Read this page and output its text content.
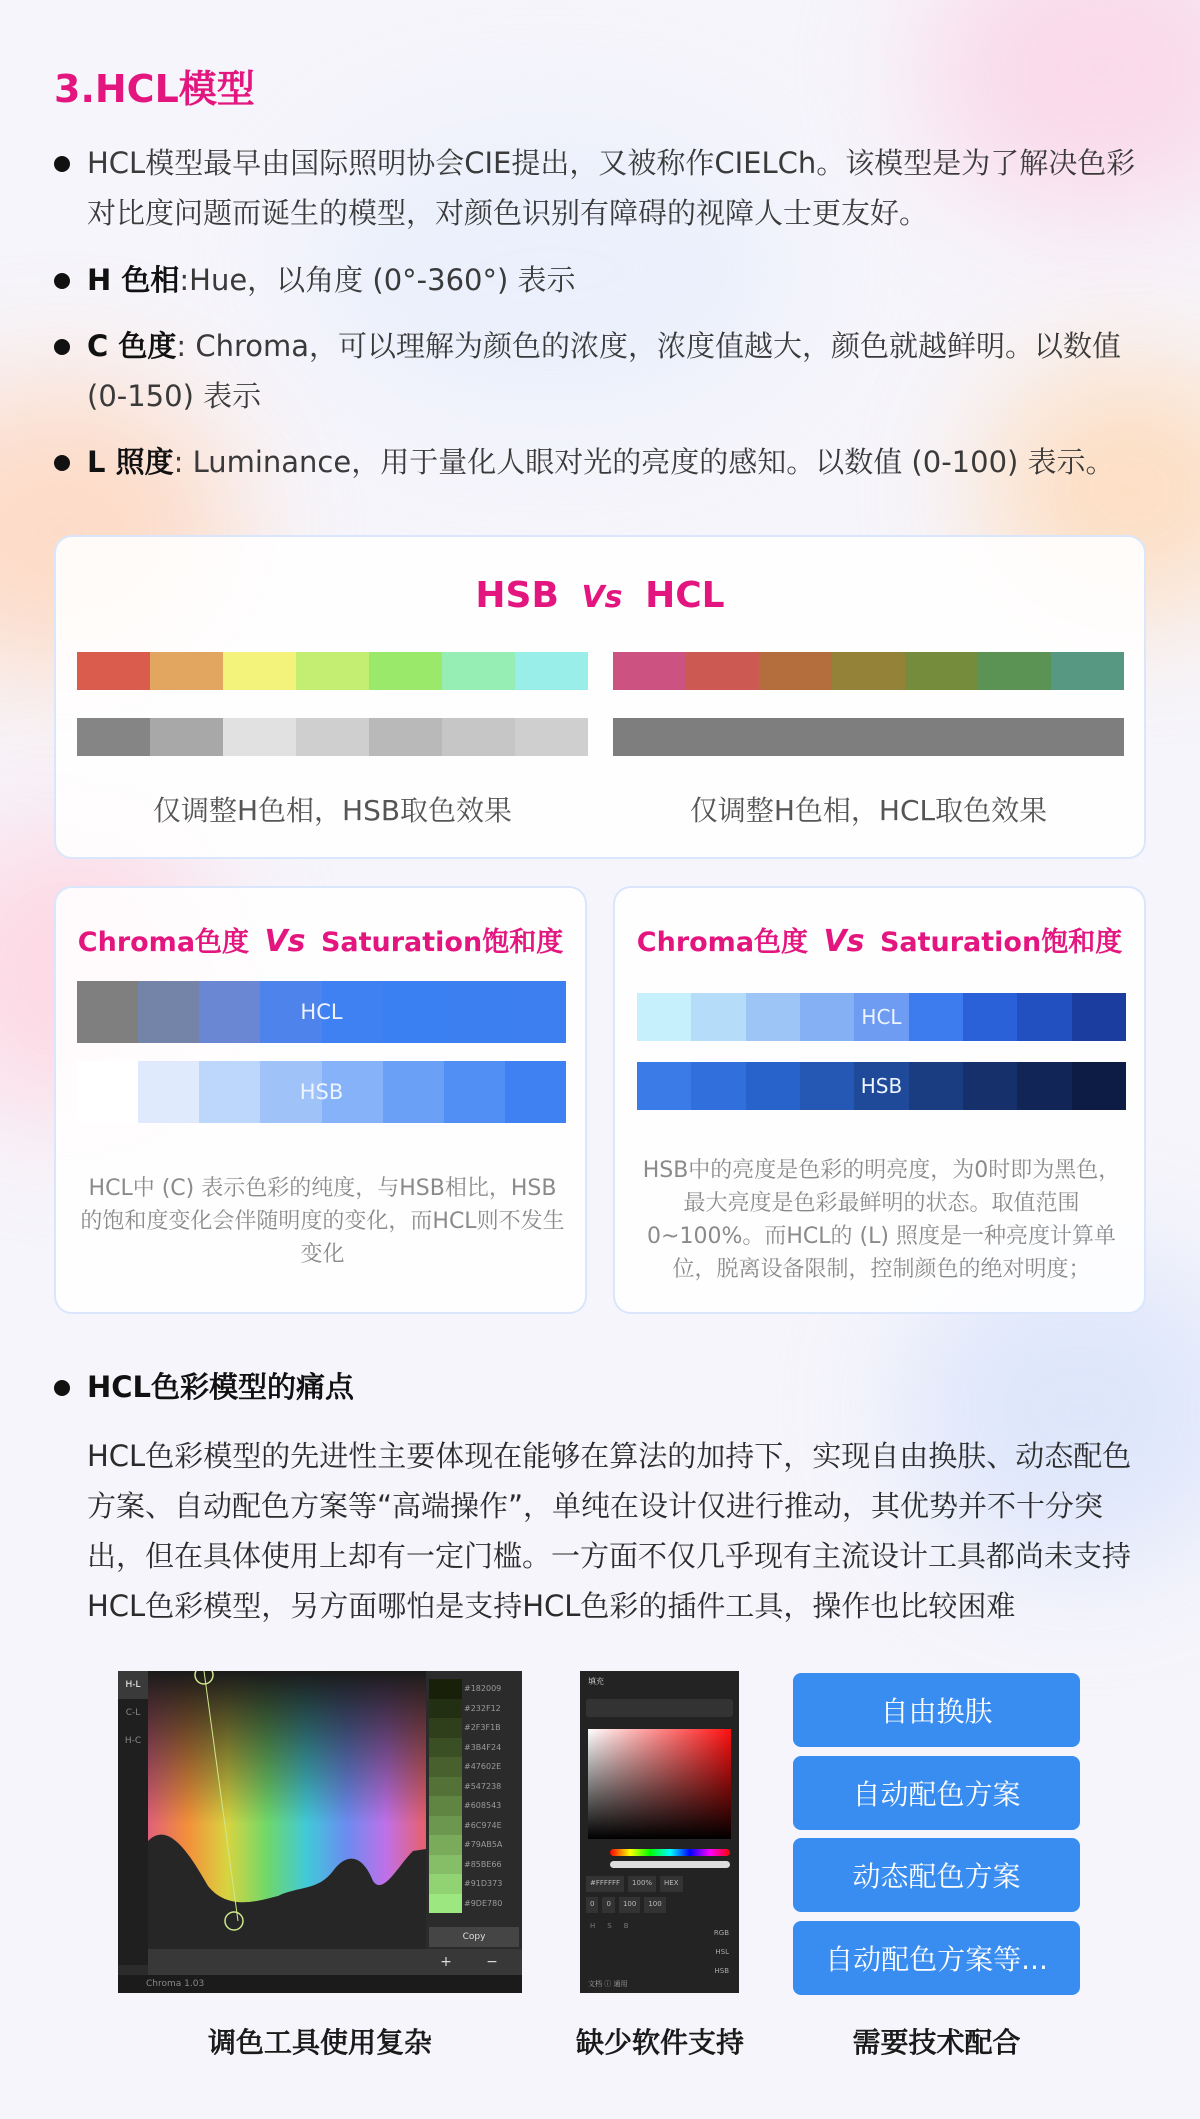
3.HCL模型
HCL模型最早由国际照明协会CIE提出，又被称作CIELCh。该模型是为了解决色彩对比度问题而诞生的模型，对颜色识别有障碍的视障人士更友好。
H 色相:Hue，以角度 (0°-360°) 表示
C 色度: Chroma，可以理解为颜色的浓度，浓度值越大，颜色就越鲜明。以数值 (0-150) 表示
L 照度: Luminance，用于量化人眼对光的亮度的感知。以数值 (0-100) 表示。
HSB Vs HCL
仅调整H色相，HSB取色效果	仅调整H色相，HCL取色效果
Chroma色度 Vs Saturation饱和度
HCL
HSB
HCL中 (C) 表示色彩的纯度，与HSB相比，HSB的饱和度变化会伴随明度的变化，而HCL则不发生变化
Chroma色度 Vs Saturation饱和度
HCL
HSB
HSB中的亮度是色彩的明亮度，为0时即为黑色，最大亮度是色彩最鲜明的状态。取值范围0~100%。而HCL的 (L) 照度是一种亮度计算单位，脱离设备限制，控制颜色的绝对明度；
HCL色彩模型的痛点

HCL色彩模型的先进性主要体现在能够在算法的加持下，实现自由换肤、动态配色方案、自动配色方案等“高端操作”，单纯在设计仅进行推动，其优势并不十分突出，但在具体使用上却有一定门槛。一方面不仅几乎现有主流设计工具都尚未支持HCL色彩模型，另方面哪怕是支持HCL色彩的插件工具，操作也比较困难

H-L
C-L
H-C
#182009
#232F12
#2F3F1B
#3B4F24
#47602E
#547238
#608543
#6C974E
#79AB5A
#85BE66
#91D373
#9DE780
Copy
+	−
Chroma 1.03
填充
#FFFFFF	100%	HEX
0	0	100	100
H	S	B
RGB
HSL
HSB
文档 ⓘ 通用
自由换肤
自动配色方案
动态配色方案
自动配色方案等...
调色工具使用复杂	缺少软件支持	需要技术配合
